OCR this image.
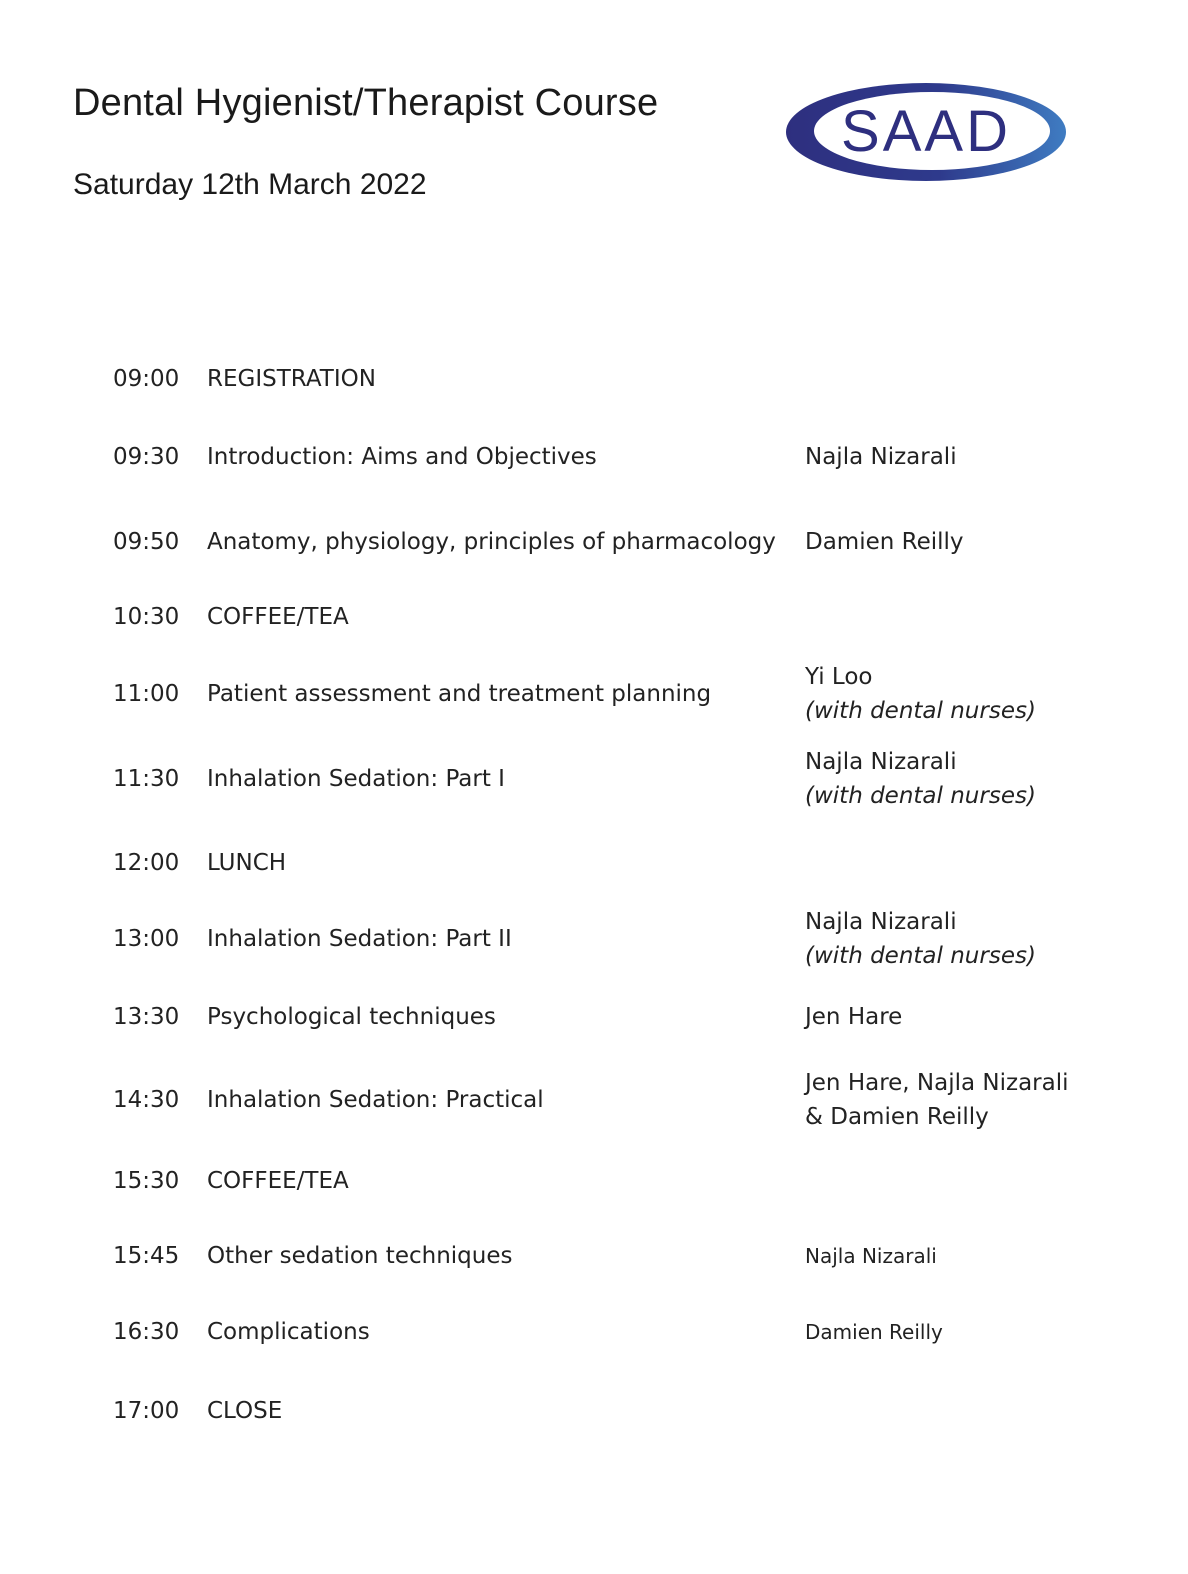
Dental Hygienist/Therapist Course
Saturday 12th March 2022
SAAD
09:00 REGISTRATION
09:30 Introduction: Aims and Objectives	Najla Nizarali
09:50 Anatomy, physiology, principles of pharmacology Damien Reilly
10:30 COFFEE/TEA
11:00 Patient assessment and treatment planning
Yi Loo
(with dental nurses)
11:30 Inhalation Sedation: Part I
Najla Nizarali
(with dental nurses)
12:00 LUNCH
13:00 Inhalation Sedation: Part II
Najla Nizarali
(with dental nurses)
13:30 Psychological techniques	Jen Hare
14:30 Inhalation Sedation: Practical
Jen Hare, Najla Nizarali
& Damien Reilly
15:30 COFFEE/TEA
15:45 Other sedation techniques	Najla Nizarali
16:30 Complications	Damien Reilly
17:00 CLOSE
